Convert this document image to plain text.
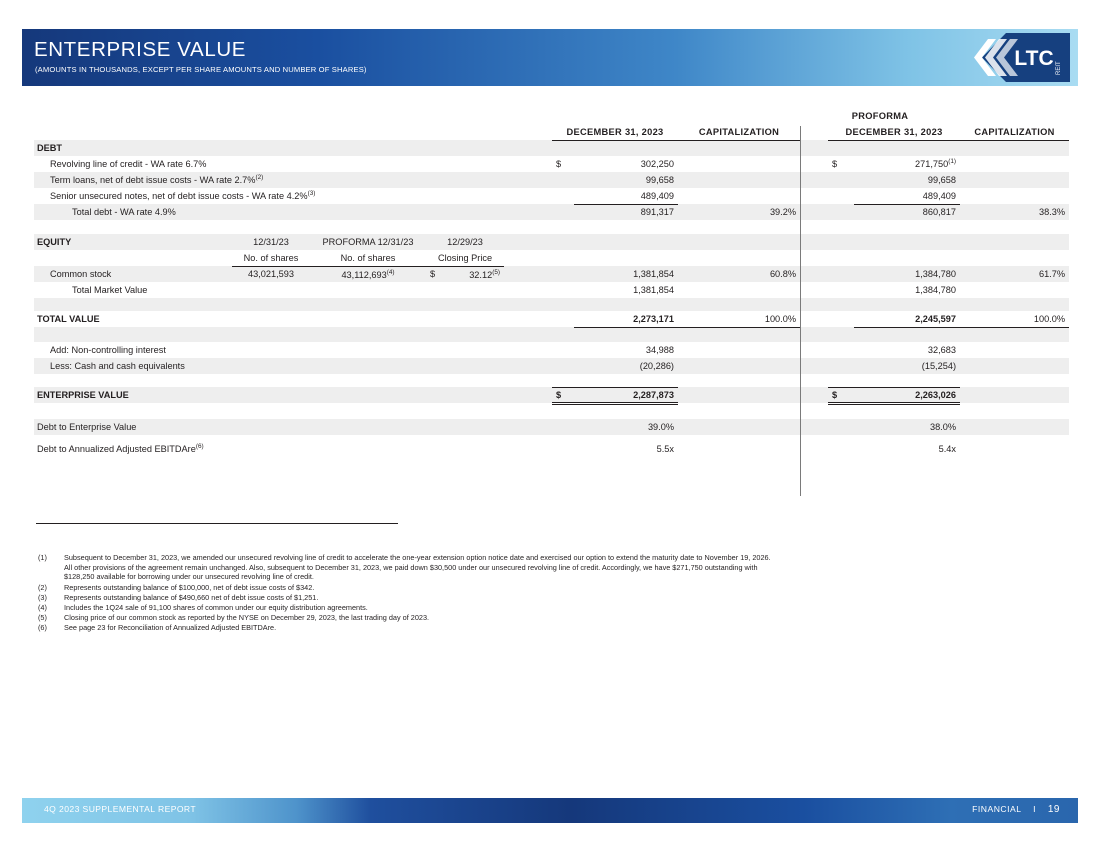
ENTERPRISE VALUE
(AMOUNTS IN THOUSANDS, EXCEPT PER SHARE AMOUNTS AND NUMBER OF SHARES)	LTC REIT
									PROFORMA			
						DECEMBER 31, 2023		CAPITALIZATION		DECEMBER 31, 2023		CAPITALIZATION
DEBT												
Revolving line of credit - WA rate 6.7%						$	302,250			$	271,750$^{(1)}$	
Term loans, net of debt issue costs - WA rate 2.7%$^{(2)}$							99,658				99,658	
Senior unsecured notes, net of debt issue costs - WA rate 4.2%$^{(3)}$							489,409				489,409	
Total debt - WA rate 4.9%							891,317	39.2%			860,817	38.3%

EQUITY	12/31/23	PROFORMA 12/31/23	12/29/23									
	No. of shares	No. of shares	Closing Price									
Common stock	43,021,593	43,112,693$^{(4)}$	$	32.12$^{(5)}$			1,381,854	60.8%			1,384,780	61.7%
Total Market Value							1,381,854				1,384,780	

TOTAL VALUE							2,273,171	100.0%			2,245,597	100.0%

Add: Non-controlling interest							34,988				32,683	
Less: Cash and cash equivalents							(20,286)				(15,254)	

ENTERPRISE VALUE						$	2,287,873			$	2,263,026	

Debt to Enterprise Value							39.0%				38.0%	

Debt to Annualized Adjusted EBITDAre$^{(6)}$							5.5x				5.4x	
(1)	Subsequent to December 31, 2023, we amended our unsecured revolving line of credit to accelerate the one-year extension option notice date and exercised our option to extend the maturity date to November 19, 2026.
All other provisions of the agreement remain unchanged. Also, subsequent to December 31, 2023, we paid down $30,500 under our unsecured revolving line of credit. Accordingly, we have $271,750 outstanding with
$128,250 available for borrowing under our unsecured revolving line of credit.
(2)	Represents outstanding balance of $100,000, net of debt issue costs of $342.
(3)	Represents outstanding balance of $490,660 net of debt issue costs of $1,251.
(4)	Includes the 1Q24 sale of 91,100 shares of common under our equity distribution agreements.
(5)	Closing price of our common stock as reported by the NYSE on December 29, 2023, the last trading day of 2023.
(6)	See page 23 for Reconciliation of Annualized Adjusted EBITDAre.
4Q 2023 SUPPLEMENTAL REPORT	FINANCIAL I 19
